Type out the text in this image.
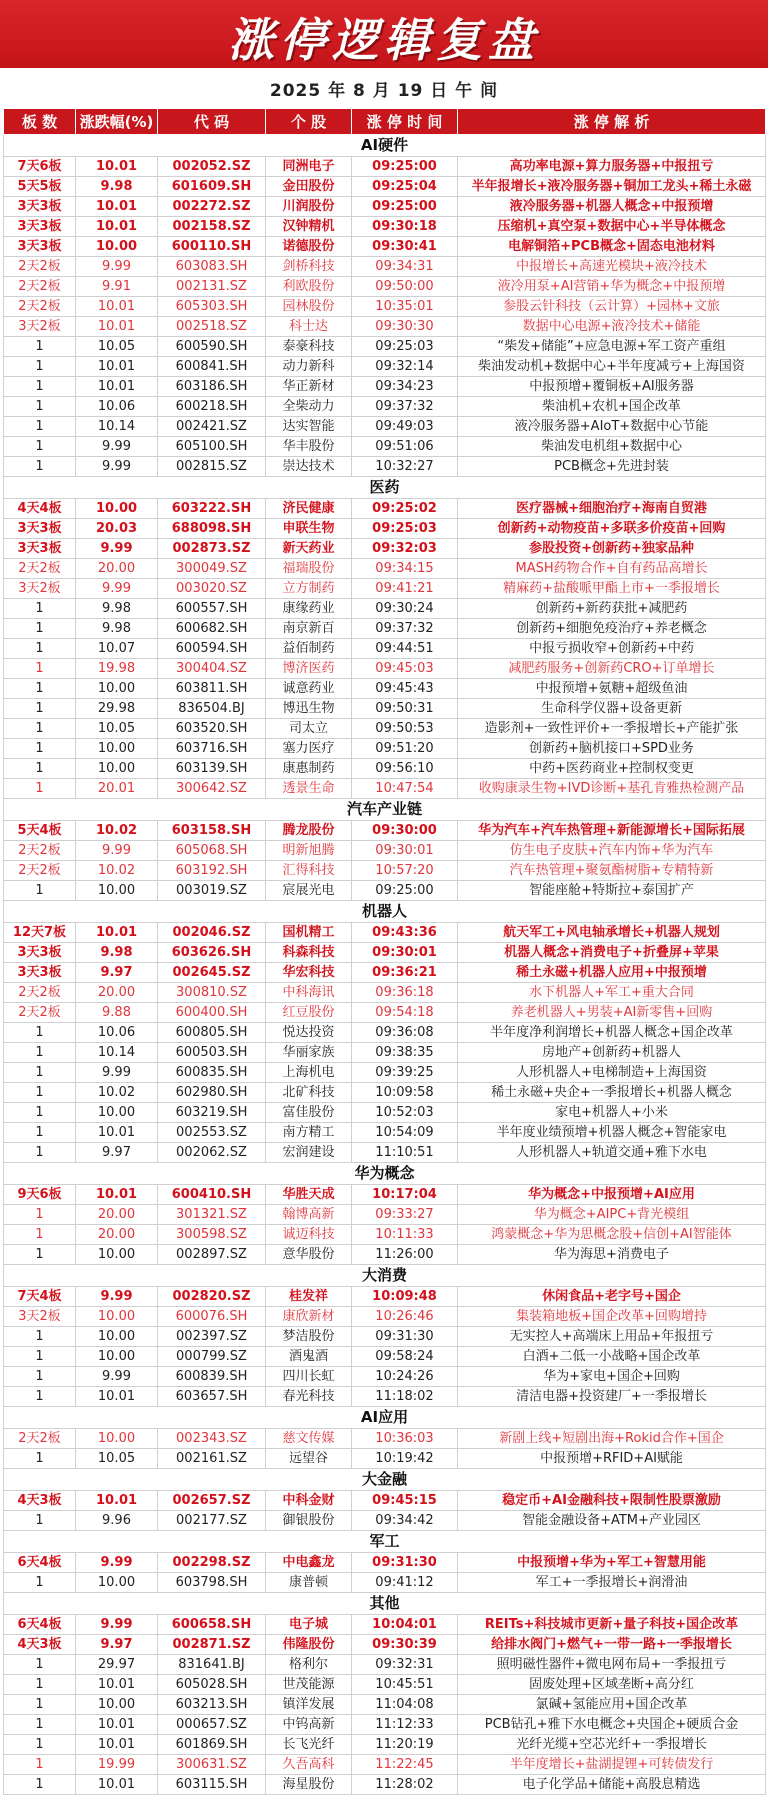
涨停逻辑复盘
2025 年 8 月 19 日 午 间
板 数	涨跌幅(%)	代 码	个 股	涨 停 时 间	涨 停 解 析
AI硬件					
7天6板	10.01	002052.SZ	同洲电子	09:25:00	高功率电源+算力服务器+中报扭亏
5天5板	9.98	601609.SH	金田股份	09:25:04	半年报增长+液冷服务器+铜加工龙头+稀土永磁
3天3板	10.01	002272.SZ	川润股份	09:25:00	液冷服务器+机器人概念+中报预增
3天3板	10.01	002158.SZ	汉钟精机	09:30:18	压缩机+真空泵+数据中心+半导体概念
3天3板	10.00	600110.SH	诺德股份	09:30:41	电解铜箔+PCB概念+固态电池材料
2天2板	9.99	603083.SH	剑桥科技	09:34:31	中报增长+高速光模块+液冷技术
2天2板	9.91	002131.SZ	利欧股份	09:50:00	液冷用泵+AI营销+华为概念+中报预增
2天2板	10.01	605303.SH	园林股份	10:35:01	参股云针科技（云计算）+园林+文旅
3天2板	10.01	002518.SZ	科士达	09:30:30	数据中心电源+液冷技术+储能
1	10.05	600590.SH	泰豪科技	09:25:03	“柴发+储能”+应急电源+军工资产重组
1	10.01	600841.SH	动力新科	09:32:14	柴油发动机+数据中心+半年度减亏+上海国资
1	10.01	603186.SH	华正新材	09:34:23	中报预增+覆铜板+AI服务器
1	10.06	600218.SH	全柴动力	09:37:32	柴油机+农机+国企改革
1	10.14	002421.SZ	达实智能	09:49:03	液冷服务器+AIoT+数据中心节能
1	9.99	605100.SH	华丰股份	09:51:06	柴油发电机组+数据中心
1	9.99	002815.SZ	崇达技术	10:32:27	PCB概念+先进封装
医药					
4天4板	10.00	603222.SH	济民健康	09:25:02	医疗器械+细胞治疗+海南自贸港
3天3板	20.03	688098.SH	申联生物	09:25:03	创新药+动物疫苗+多联多价疫苗+回购
3天3板	9.99	002873.SZ	新天药业	09:32:03	参股投资+创新药+独家品种
2天2板	20.00	300049.SZ	福瑞股份	09:34:15	MASH药物合作+自有药品高增长
3天2板	9.99	003020.SZ	立方制药	09:41:21	精麻药+盐酸哌甲酯上市+一季报增长
1	9.98	600557.SH	康缘药业	09:30:24	创新药+新药获批+减肥药
1	9.98	600682.SH	南京新百	09:37:32	创新药+细胞免疫治疗+养老概念
1	10.07	600594.SH	益佰制药	09:44:51	中报亏损收窄+创新药+中药
1	19.98	300404.SZ	博济医药	09:45:03	减肥药服务+创新药CRO+订单增长
1	10.00	603811.SH	诚意药业	09:45:43	中报预增+氨糖+超级鱼油
1	29.98	836504.BJ	博迅生物	09:50:31	生命科学仪器+设备更新
1	10.05	603520.SH	司太立	09:50:53	造影剂+一致性评价+一季报增长+产能扩张
1	10.00	603716.SH	塞力医疗	09:51:20	创新药+脑机接口+SPD业务
1	10.00	603139.SH	康惠制药	09:56:10	中药+医药商业+控制权变更
1	20.01	300642.SZ	透景生命	10:47:54	收购康录生物+IVD诊断+基孔肯雅热检测产品
汽车产业链					
5天4板	10.02	603158.SH	腾龙股份	09:30:00	华为汽车+汽车热管理+新能源增长+国际拓展
2天2板	9.99	605068.SH	明新旭腾	09:30:01	仿生电子皮肤+汽车内饰+华为汽车
2天2板	10.02	603192.SH	汇得科技	10:57:20	汽车热管理+聚氨酯树脂+专精特新
1	10.00	003019.SZ	宸展光电	09:25:00	智能座舱+特斯拉+泰国扩产
机器人					
12天7板	10.01	002046.SZ	国机精工	09:43:36	航天军工+风电轴承增长+机器人规划
3天3板	9.98	603626.SH	科森科技	09:30:01	机器人概念+消费电子+折叠屏+苹果
3天3板	9.97	002645.SZ	华宏科技	09:36:21	稀土永磁+机器人应用+中报预增
2天2板	20.00	300810.SZ	中科海讯	09:36:18	水下机器人+军工+重大合同
2天2板	9.88	600400.SH	红豆股份	09:54:18	养老机器人+男装+AI新零售+回购
1	10.06	600805.SH	悦达投资	09:36:08	半年度净利润增长+机器人概念+国企改革
1	10.14	600503.SH	华丽家族	09:38:35	房地产+创新药+机器人
1	9.99	600835.SH	上海机电	09:39:25	人形机器人+电梯制造+上海国资
1	10.02	602980.SH	北矿科技	10:09:58	稀土永磁+央企+一季报增长+机器人概念
1	10.00	603219.SH	富佳股份	10:52:03	家电+机器人+小米
1	10.01	002553.SZ	南方精工	10:54:09	半年度业绩预增+机器人概念+智能家电
1	9.97	002062.SZ	宏润建设	11:10:51	人形机器人+轨道交通+雅下水电
华为概念					
9天6板	10.01	600410.SH	华胜天成	10:17:04	华为概念+中报预增+AI应用
1	20.00	301321.SZ	翰博高新	09:33:27	华为概念+AIPC+背光模组
1	20.00	300598.SZ	诚迈科技	10:11:33	鸿蒙概念+华为思概念股+信创+AI智能体
1	10.00	002897.SZ	意华股份	11:26:00	华为海思+消费电子
大消费					
7天4板	9.99	002820.SZ	桂发祥	10:09:48	休闲食品+老字号+国企
3天2板	10.00	600076.SH	康欣新材	10:26:46	集装箱地板+国企改革+回购增持
1	10.00	002397.SZ	梦洁股份	09:31:30	无实控人+高端床上用品+年报扭亏
1	10.00	000799.SZ	酒鬼酒	09:58:24	白酒+二低一小战略+国企改革
1	9.99	600839.SH	四川长虹	10:24:26	华为+家电+国企+回购
1	10.01	603657.SH	春光科技	11:18:02	清洁电器+投资建厂+一季报增长
AI应用					
2天2板	10.00	002343.SZ	慈文传媒	10:36:03	新剧上线+短剧出海+Rokid合作+国企
1	10.05	002161.SZ	远望谷	10:19:42	中报预增+RFID+AI赋能
大金融					
4天3板	10.01	002657.SZ	中科金财	09:45:15	稳定币+AI金融科技+限制性股票激励
1	9.96	002177.SZ	御银股份	09:34:42	智能金融设备+ATM+产业园区
军工					
6天4板	9.99	002298.SZ	中电鑫龙	09:31:30	中报预增+华为+军工+智慧用能
1	10.00	603798.SH	康普顿	09:41:12	军工+一季报增长+润滑油
其他					
6天4板	9.99	600658.SH	电子城	10:04:01	REITs+科技城市更新+量子科技+国企改革
4天3板	9.97	002871.SZ	伟隆股份	09:30:39	给排水阀门+燃气+一带一路+一季报增长
1	29.97	831641.BJ	格利尔	09:32:31	照明磁性器件+微电网布局+一季报扭亏
1	10.01	605028.SH	世茂能源	10:45:51	固废处理+区域垄断+高分红
1	10.00	603213.SH	镇洋发展	11:04:08	氯碱+氢能应用+国企改革
1	10.01	000657.SZ	中钨高新	11:12:33	PCB钻孔+雅下水电概念+央国企+硬质合金
1	10.01	601869.SH	长飞光纤	11:20:19	光纤光缆+空芯光纤+一季报增长
1	19.99	300631.SZ	久吾高科	11:22:45	半年度增长+盐湖提锂+可转债发行
1	10.01	603115.SH	海星股份	11:28:02	电子化学品+储能+高股息精选
